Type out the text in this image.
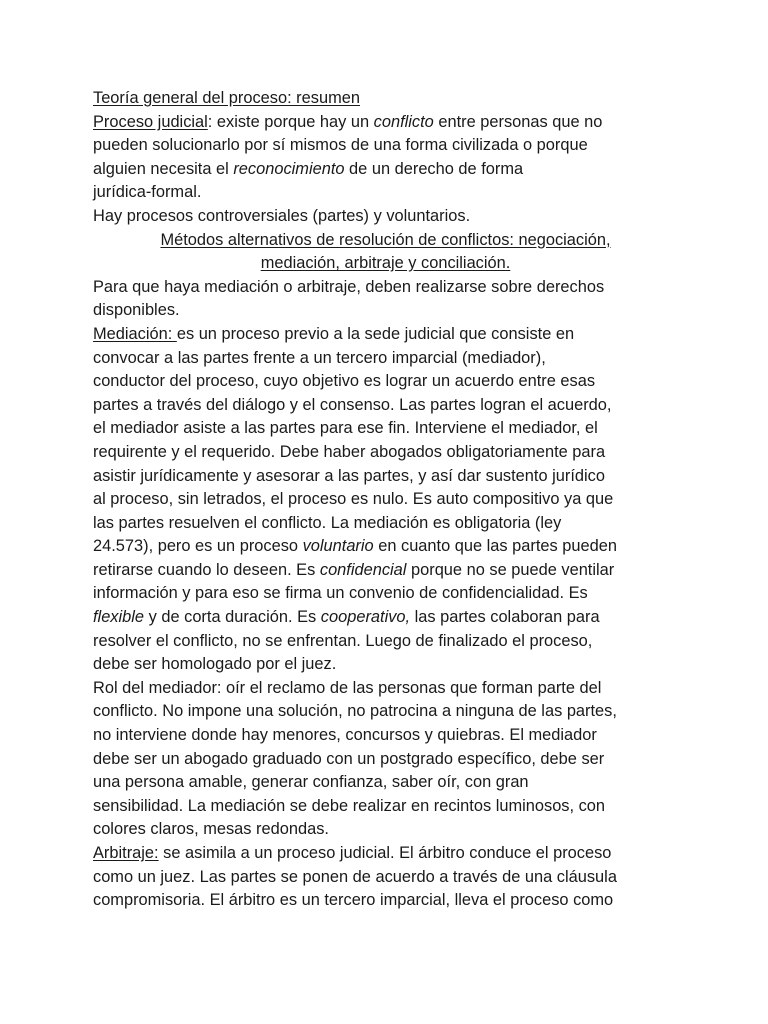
Teoría general del proceso: resumen
Proceso judicial: existe porque hay un conflicto entre personas que no
pueden solucionarlo por sí mismos de una forma civilizada o porque
alguien necesita el reconocimiento de un derecho de forma
jurídica-formal.
Hay procesos controversiales (partes) y voluntarios.
Métodos alternativos de resolución de conflictos: negociación,
mediación, arbitraje y conciliación.
Para que haya mediación o arbitraje, deben realizarse sobre derechos
disponibles.
Mediación: es un proceso previo a la sede judicial que consiste en
convocar a las partes frente a un tercero imparcial (mediador),
conductor del proceso, cuyo objetivo es lograr un acuerdo entre esas
partes a través del diálogo y el consenso. Las partes logran el acuerdo,
el mediador asiste a las partes para ese fin. Interviene el mediador, el
requirente y el requerido. Debe haber abogados obligatoriamente para
asistir jurídicamente y asesorar a las partes, y así dar sustento jurídico
al proceso, sin letrados, el proceso es nulo. Es auto compositivo ya que
las partes resuelven el conflicto. La mediación es obligatoria (ley
24.573), pero es un proceso voluntario en cuanto que las partes pueden
retirarse cuando lo deseen. Es confidencial porque no se puede ventilar
información y para eso se firma un convenio de confidencialidad. Es
flexible y de corta duración. Es cooperativo, las partes colaboran para
resolver el conflicto, no se enfrentan. Luego de finalizado el proceso,
debe ser homologado por el juez.
Rol del mediador: oír el reclamo de las personas que forman parte del
conflicto. No impone una solución, no patrocina a ninguna de las partes,
no interviene donde hay menores, concursos y quiebras. El mediador
debe ser un abogado graduado con un postgrado específico, debe ser
una persona amable, generar confianza, saber oír, con gran
sensibilidad. La mediación se debe realizar en recintos luminosos, con
colores claros, mesas redondas.
Arbitraje: se asimila a un proceso judicial. El árbitro conduce el proceso
como un juez. Las partes se ponen de acuerdo a través de una cláusula
compromisoria. El árbitro es un tercero imparcial, lleva el proceso como
